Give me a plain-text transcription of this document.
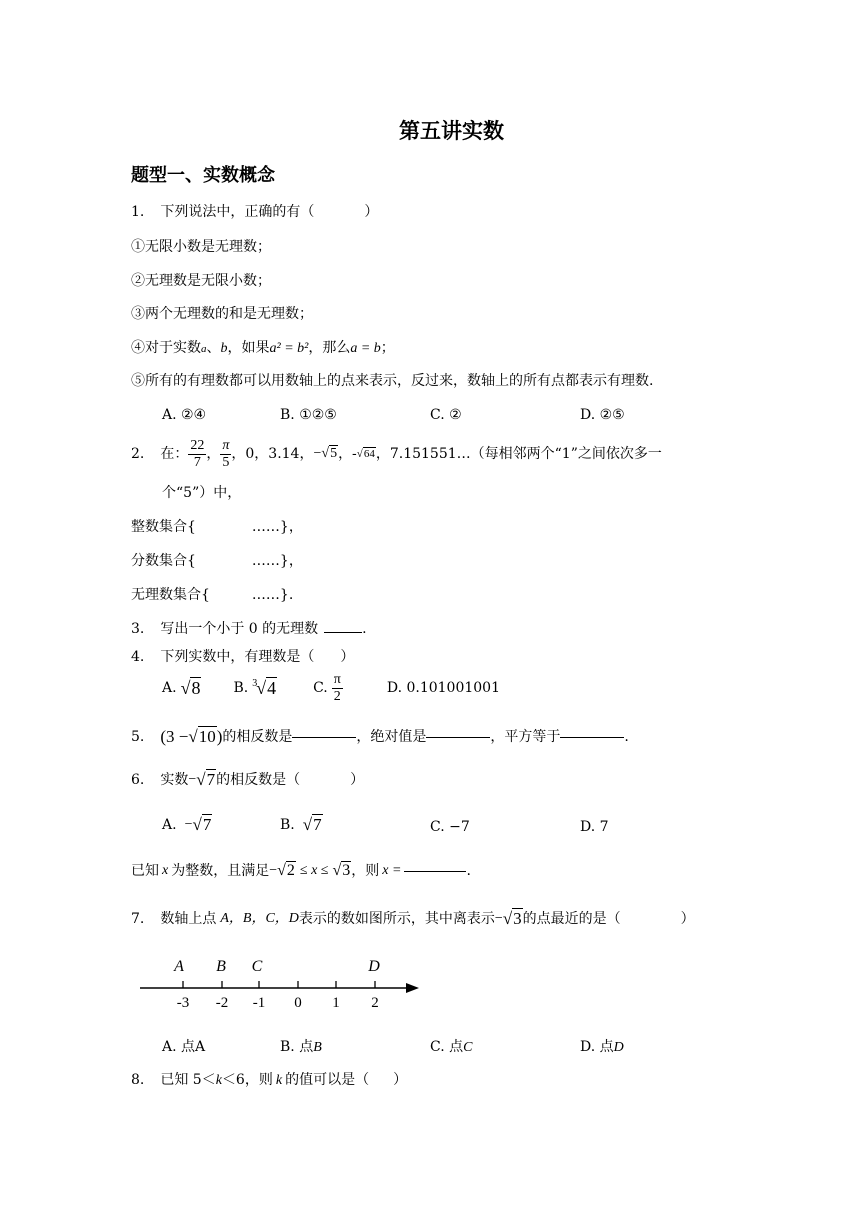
第五讲实数
题型一、实数概念
1. 下列说法中，正确的有（	）
①无限小数是无理数；
②无理数是无限小数；
③两个无理数的和是无理数；
④对于实数a、b，如果a² = b²，那么a = b；
⑤所有的有理数都可以用数轴上的点来表示，反过来，数轴上的所有点都表示有理数.
A. ②④	B. ①②⑤	C. ②	D. ②⑤
2. 在： $\frac{22}{7}$ ， $\frac{\pi}{5}$ ，0，3.14， − √5 ，- √64 ，7.151551…（每相邻两个“1”之间依次多一
个“5”）中，
整数集合{	……}，
分数集合{	……}，
无理数集合{	……}.
3. 写出一个小于 0 的无理数	.
4. 下列实数中，有理数是（ ）
A. √8 B. 3 √4	C. $\frac{\pi}{2}$	D. 0.101001001
5. (3 − √10 ) 的相反数是	，绝对值是	，平方等于	.
6. 实数 − √7 的相反数是（	）
A. − √7	B. √7	C. −7	D. 7
已知 x 为整数，且满足 − √2 ≤ x ≤ √3 ，则 x =	.
7. 数轴上点 A，B，C，D 表示的数如图所示，其中离表示 − √3 的点最近的是（	）
-3 -2 -1 0 1 2
A B C	D
A. 点A	B. 点B	C. 点C	D. 点D
8. 已知 5＜k＜6，则 k 的值可以是（ ）
